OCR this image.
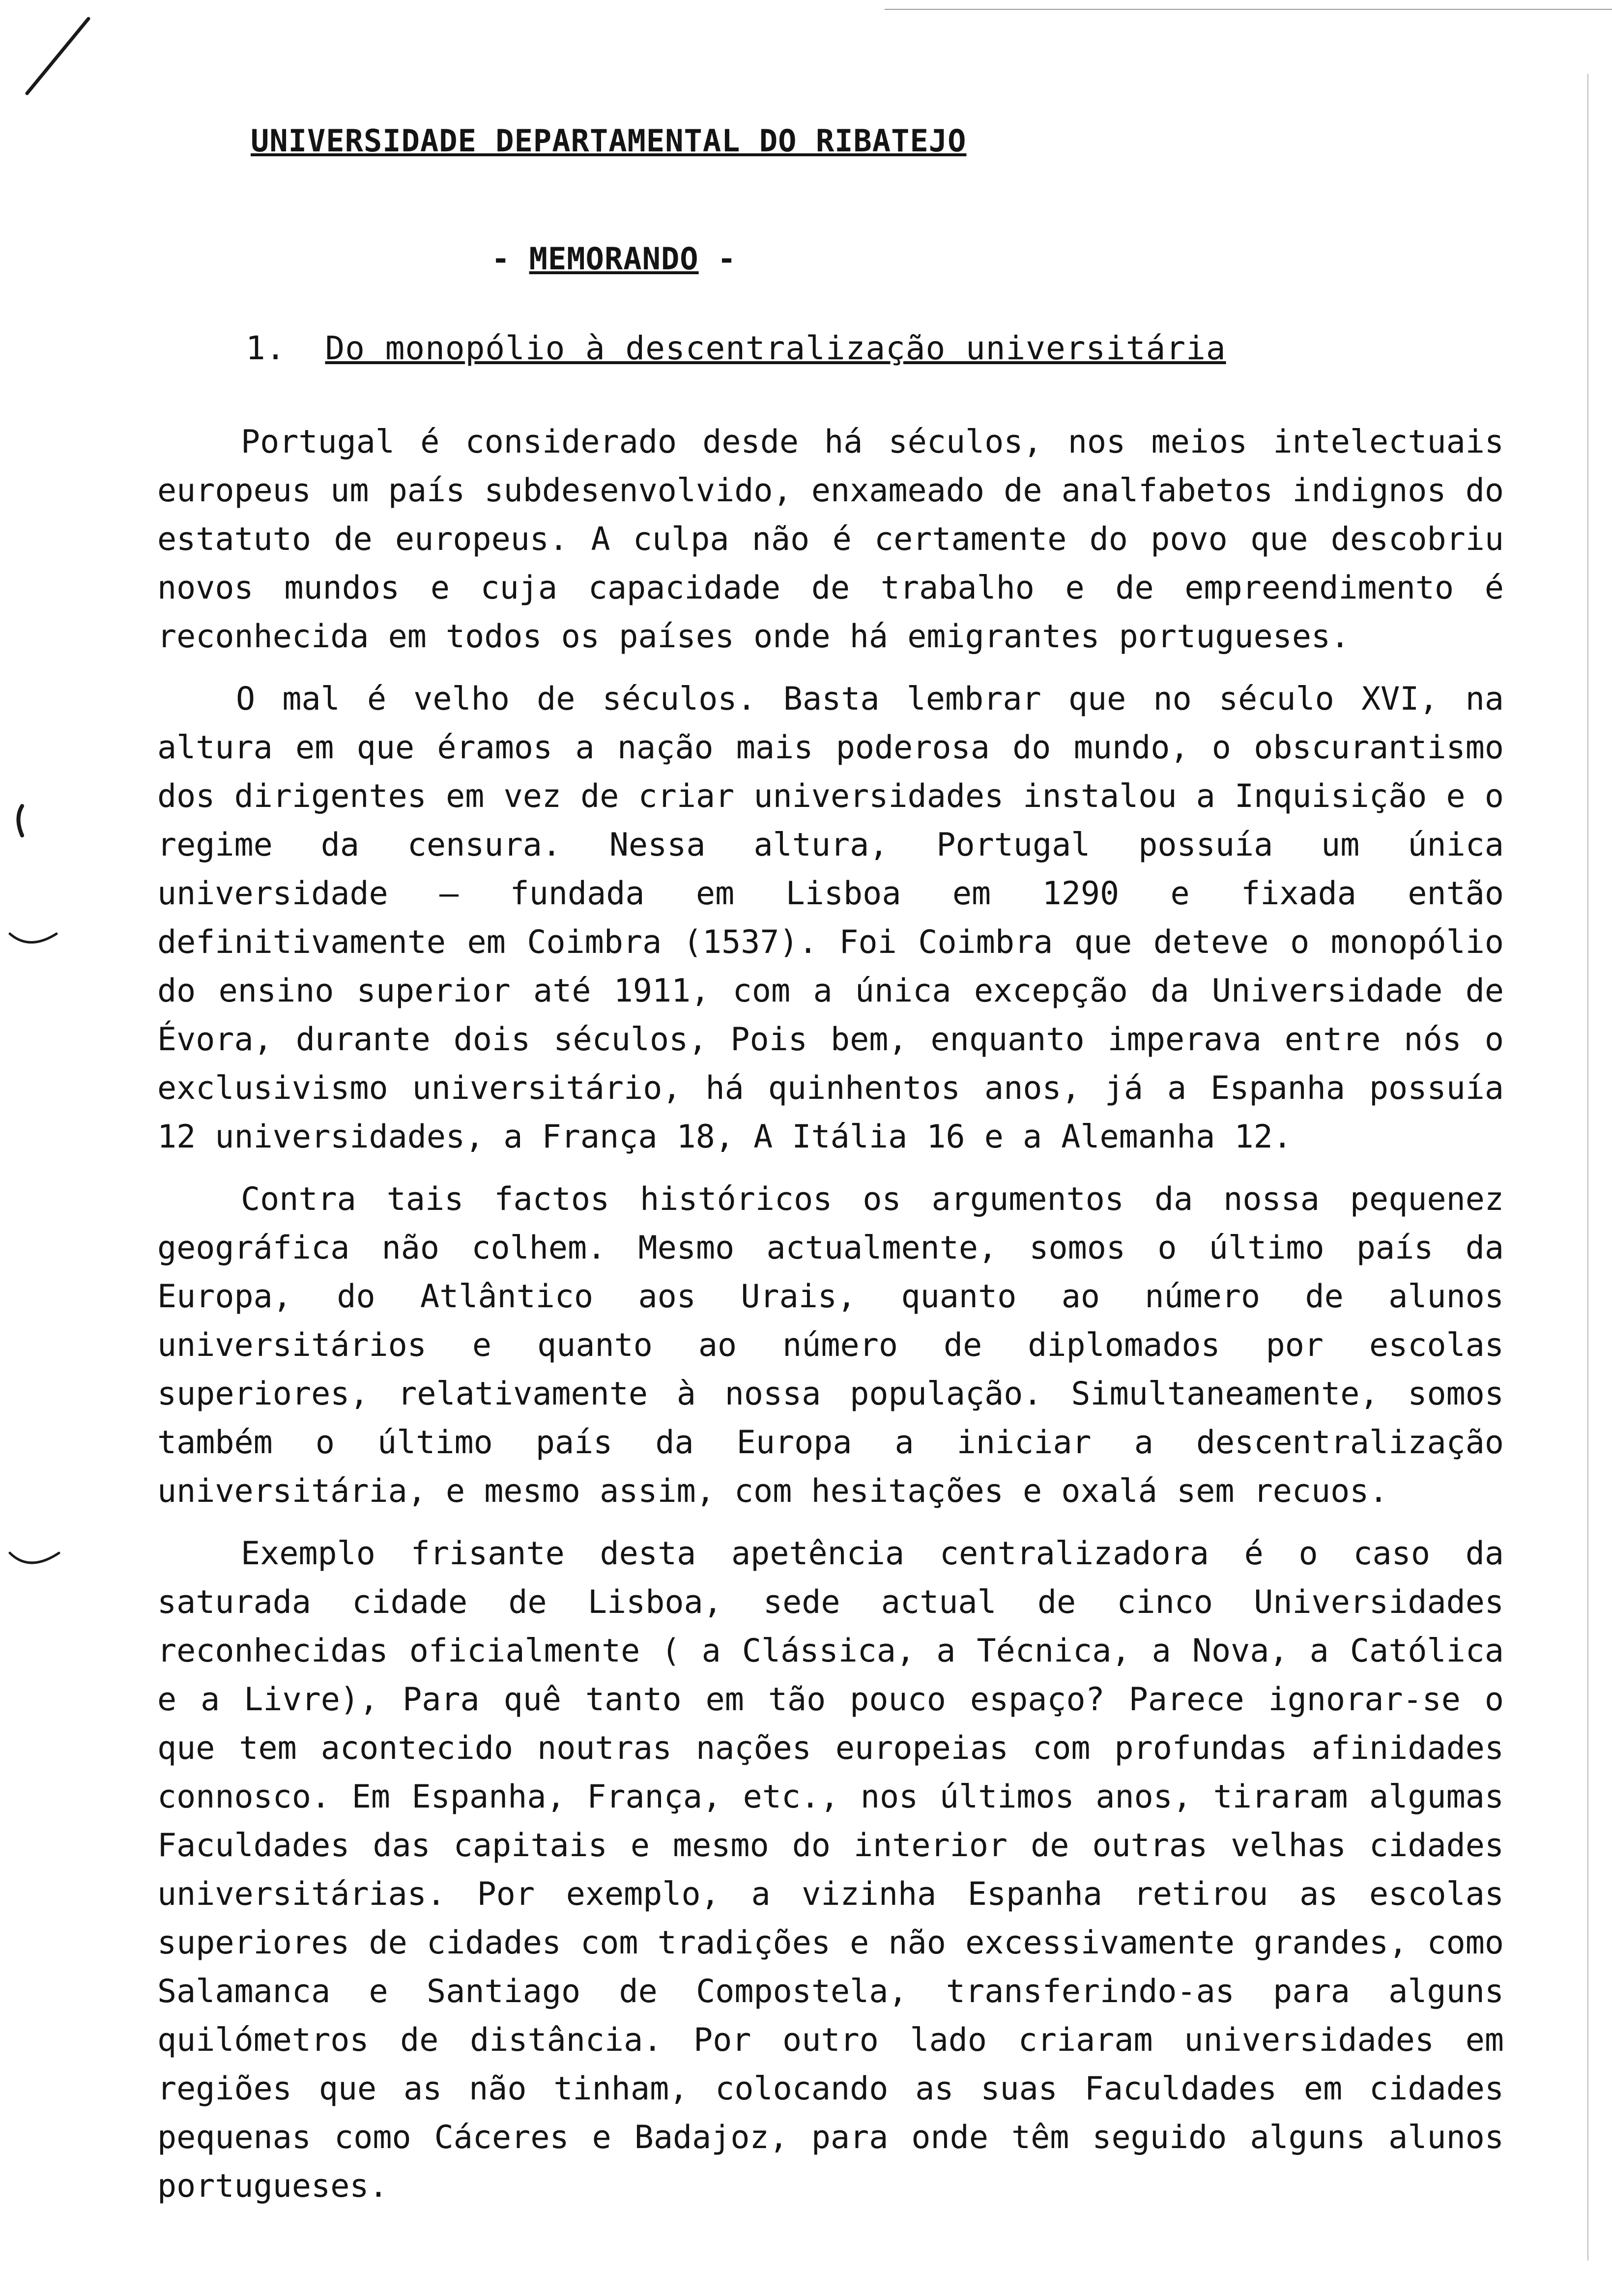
UNIVERSIDADE DEPARTAMENTAL DO RIBATEJO
- MEMORANDO -
1. Do monopólio à descentralização universitária

Portugal é considerado desde há séculos, nos meios intelectuais europeus um país subdesenvolvido, enxameado de analfabetos indignos do estatuto de europeus. A culpa não é certamente do povo que descobriu novos mundos e cuja capacidade de trabalho e de empreendimento é reconhecida em todos os países onde há emigrantes portugueses.

O mal é velho de séculos. Basta lembrar que no século XVI, na altura em que éramos a nação mais poderosa do mundo, o obscurantismo dos dirigentes em vez de criar universidades instalou a Inquisição e o regime da censura. Nessa altura, Portugal possuía um única universidade — fundada em Lisboa em 1290 e fixada então definitivamente em Coimbra (1537). Foi Coimbra que deteve o monopólio do ensino superior até 1911, com a única excepção da Universidade de Évora, durante dois séculos, Pois bem, enquanto imperava entre nós o exclusivismo universitário, há quinhentos anos, já a Espanha possuía 12 universidades, a França 18, A Itália 16 e a Alemanha 12.

Contra tais factos históricos os argumentos da nossa pequenez geográfica não colhem. Mesmo actualmente, somos o último país da Europa, do Atlântico aos Urais, quanto ao número de alunos universitários e quanto ao número de diplomados por escolas superiores, relativamente à nossa população. Simultaneamente, somos também o último país da Europa a iniciar a descentralização universitária, e mesmo assim, com hesitações e oxalá sem recuos.

Exemplo frisante desta apetência centralizadora é o caso da saturada cidade de Lisboa, sede actual de cinco Universidades reconhecidas oficialmente ( a Clássica, a Técnica, a Nova, a Católica e a Livre), Para quê tanto em tão pouco espaço? Parece ignorar-se o que tem acontecido noutras nações europeias com profundas afinidades connosco. Em Espanha, França, etc., nos últimos anos, tiraram algumas Faculdades das capitais e mesmo do interior de outras velhas cidades universitárias. Por exemplo, a vizinha Espanha retirou as escolas superiores de cidades com tradições e não excessivamente grandes, como Salamanca e Santiago de Compostela, transferindo-as para alguns quilómetros de distância. Por outro lado criaram universidades em regiões que as não tinham, colocando as suas Faculdades em cidades pequenas como Cáceres e Badajoz, para onde têm seguido alguns alunos portugueses.
